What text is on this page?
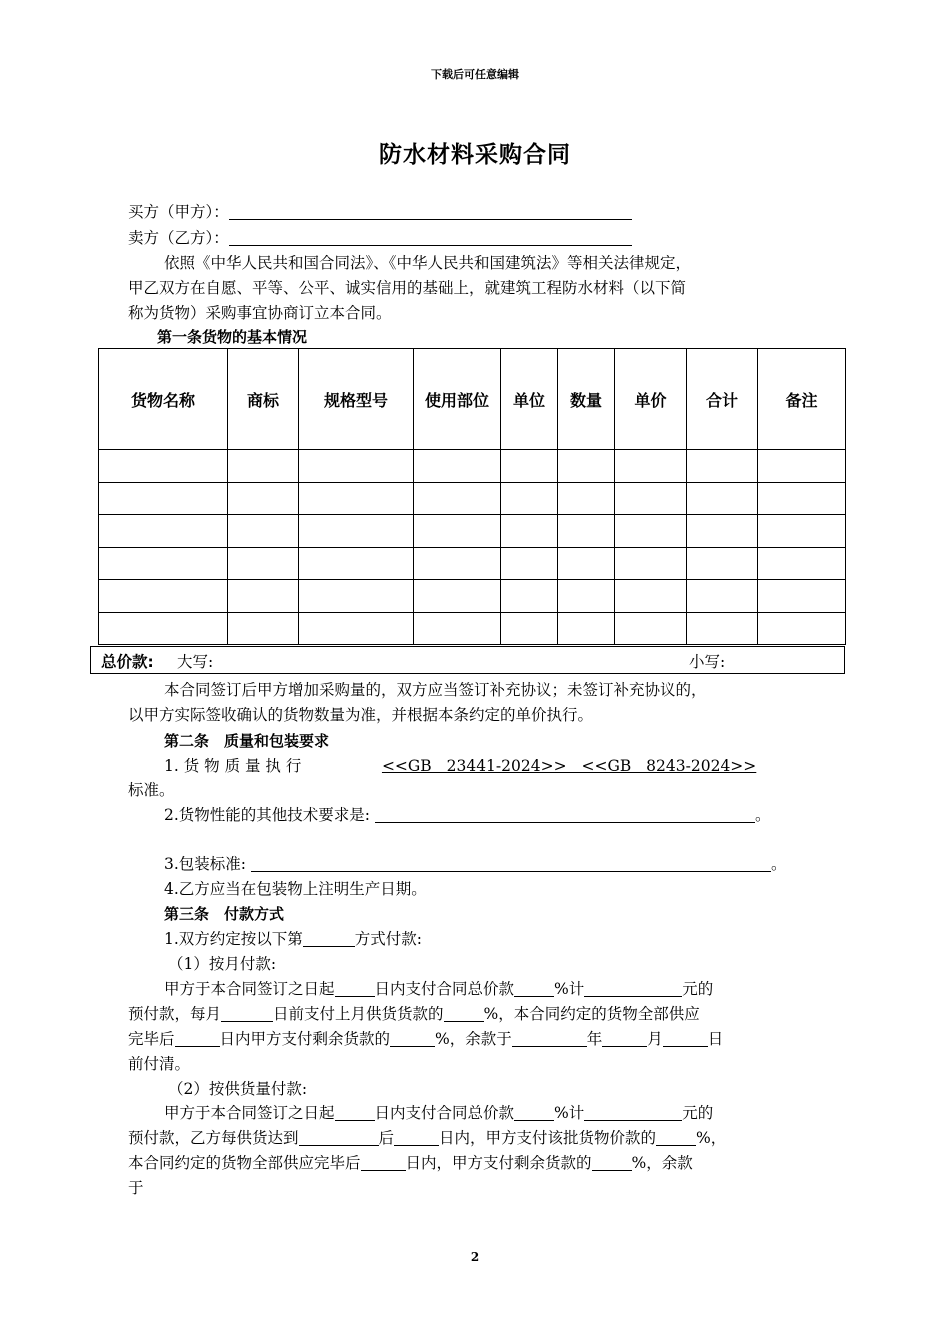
下载后可任意编辑
防水材料采购合同
买方（甲方）：
卖方（乙方）：
依照《中华人民共和国合同法》、《中华人民共和国建筑法》等相关法律规定，
甲乙双方在自愿、平等、公平、诚实信用的基础上，就建筑工程防水材料（以下简
称为货物）采购事宜协商订立本合同。
第一条货物的基本情况
货物名称	商标	规格型号	使用部位	单位	数量	单价	合计	备注

总价款: 大写:	小写:
本合同签订后甲方增加采购量的，双方应当签订补充协议；未签订补充协议的，
以甲方实际签收确认的货物数量为准，并根据本条约定的单价执行。
第二条　质量和包装要求
1. 货 物 质 量 执 行	<<GB 23441-2024>> <<GB 8243-2024>>
标准。
2.货物性能的其他技术要求是:	。
3.包装标准:	。
4.乙方应当在包装物上注明生产日期。
第三条　付款方式
1.双方约定按以下第	方式付款:
（1）按月付款:
甲方于本合同签订之日起	日内支付合同总价款	%计	元的
预付款，每月	日前支付上月供货货款的	%，本合同约定的货物全部供应
完毕后	日内甲方支付剩余货款的	%，余款于	年	月	日
前付清。
（2）按供货量付款:
甲方于本合同签订之日起	日内支付合同总价款	%计	元的
预付款，乙方每供货达到	后	日内，甲方支付该批货物价款的	%，
本合同约定的货物全部供应完毕后	日内，甲方支付剩余货款的	%，余款
于
2
